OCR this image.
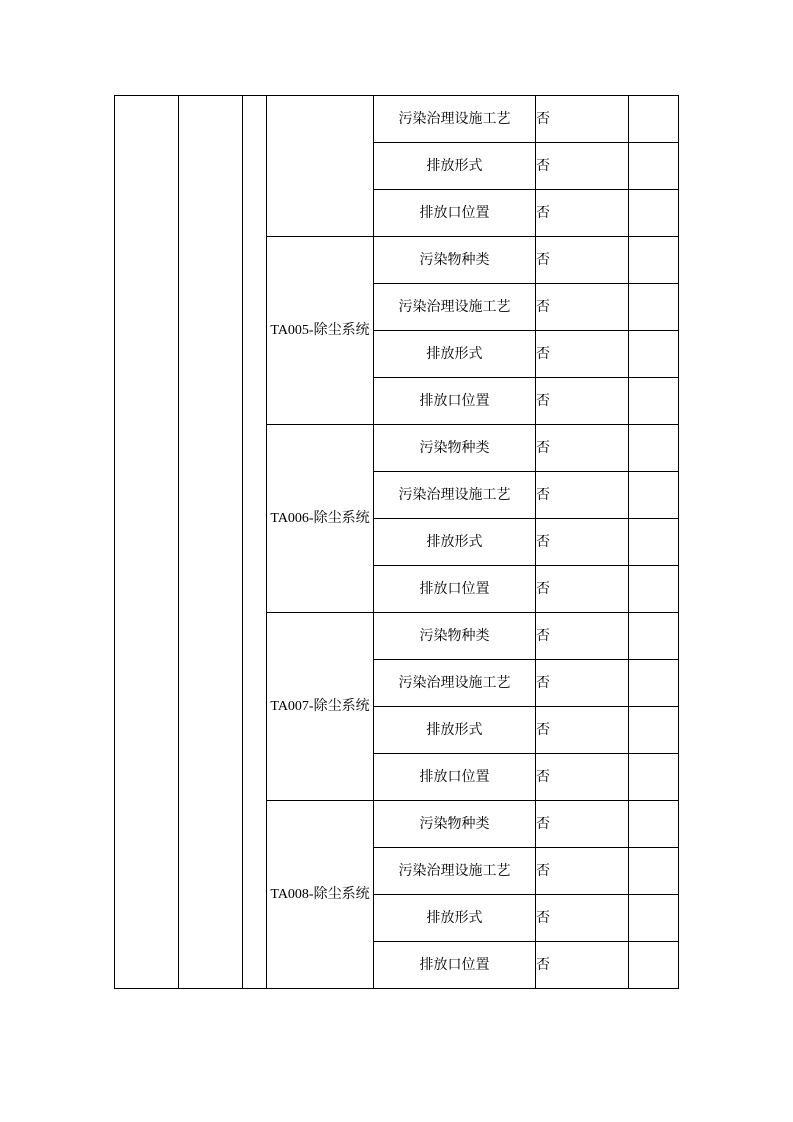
				污染治理设施工艺	否	
				排放形式	否	
				排放口位置	否	
			TA005-除尘系统	污染物种类	否	
				污染治理设施工艺	否	
				排放形式	否	
				排放口位置	否	
			TA006-除尘系统	污染物种类	否	
				污染治理设施工艺	否	
				排放形式	否	
				排放口位置	否	
			TA007-除尘系统	污染物种类	否	
				污染治理设施工艺	否	
				排放形式	否	
				排放口位置	否	
			TA008-除尘系统	污染物种类	否	
				污染治理设施工艺	否	
				排放形式	否	
				排放口位置	否	
